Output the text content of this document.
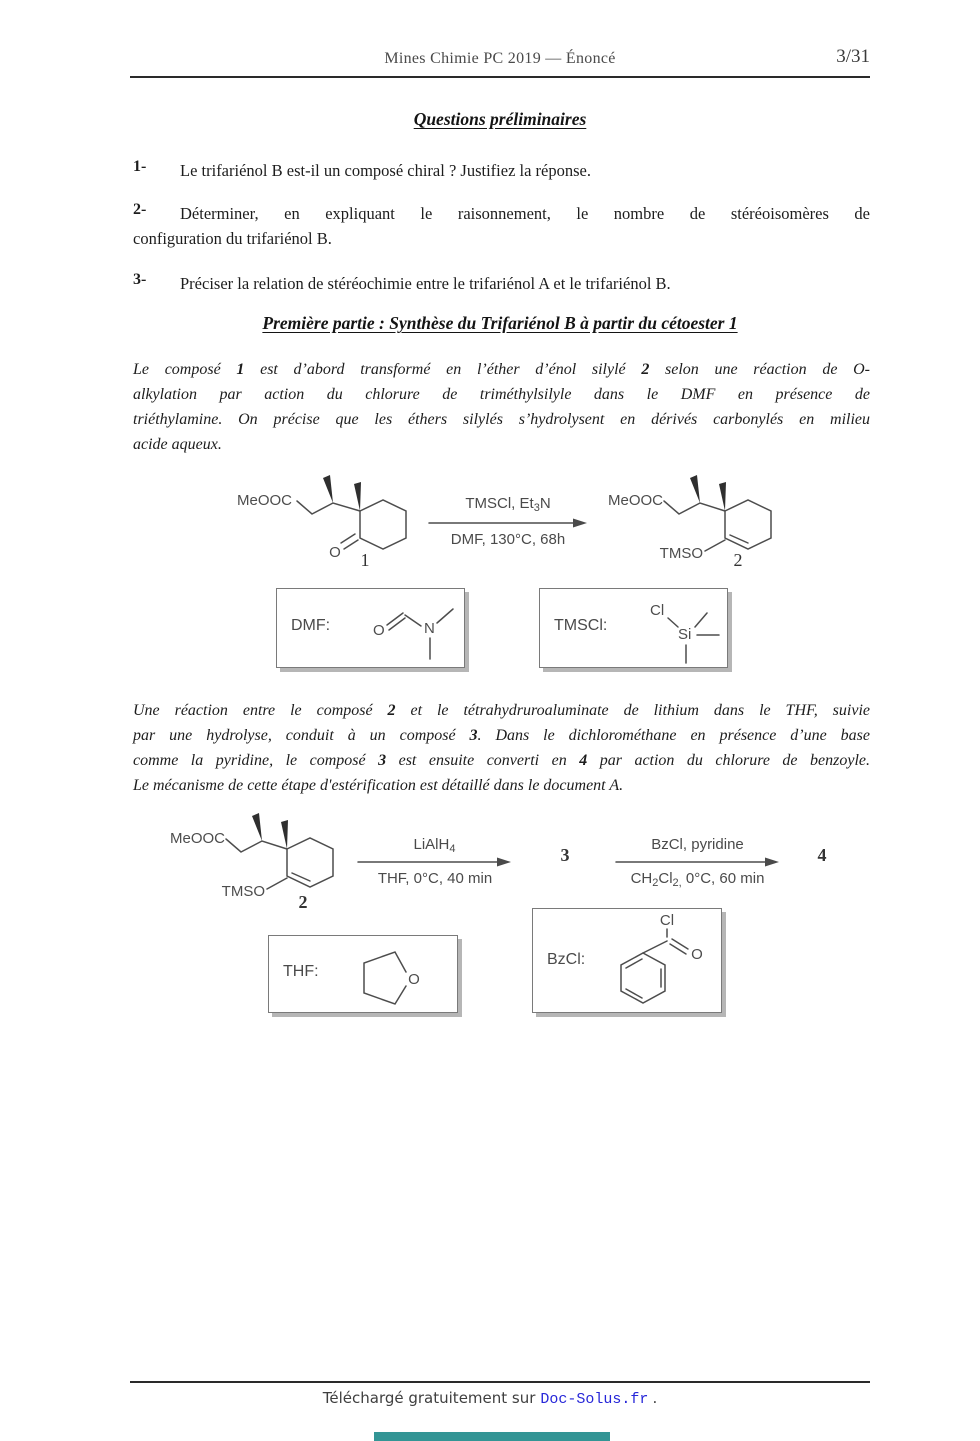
Mines Chimie PC 2019 — Énoncé	3/31
Questions préliminaires
1-	Le trifariénol B est-il un composé chiral ? Justifiez la réponse.

2-	Déterminer, en expliquant le raisonnement, le nombre de stéréoisomères de

configuration du trifariénol B.

3-	Préciser la relation de stéréochimie entre le trifariénol A et le trifariénol B.

Première partie : Synthèse du Trifariénol B à partir du cétoester 1
Le composé 1 est d’abord transformé en l’éther d’énol silylé 2 selon une réaction de O-
alkylation par action du chlorure de triméthylsilyle dans le DMF en présence de
triéthylamine. On précise que les éthers silylés s’hydrolysent en dérivés carbonylés en milieu
acide aqueux.
MeOOC
O	1
TMSCl, $Et_3N$
DMF, 130°C, 68h
MeOOC
TMSO	2
DMF:	O	N	TMSCl:
Cl
Si
Une réaction entre le composé 2 et le tétrahydruroaluminate de lithium dans le THF, suivie
par une hydrolyse, conduit à un composé 3. Dans le dichlorométhane en présence d’une base
comme la pyridine, le composé 3 est ensuite converti en 4 par action du chlorure de benzoyle.
Le mécanisme de cette étape d'estérification est détaillé dans le document A.
MeOOC
TMSO
2
LiAlH$_4$
THF, 0°C, 40 min
3
BzCl, pyridine
$CH_2Cl_{2,}$ 0°C, 60 min
4
THF:	O
BzCl:
Cl
O
Téléchargé gratuitement sur Doc-Solus.fr .
